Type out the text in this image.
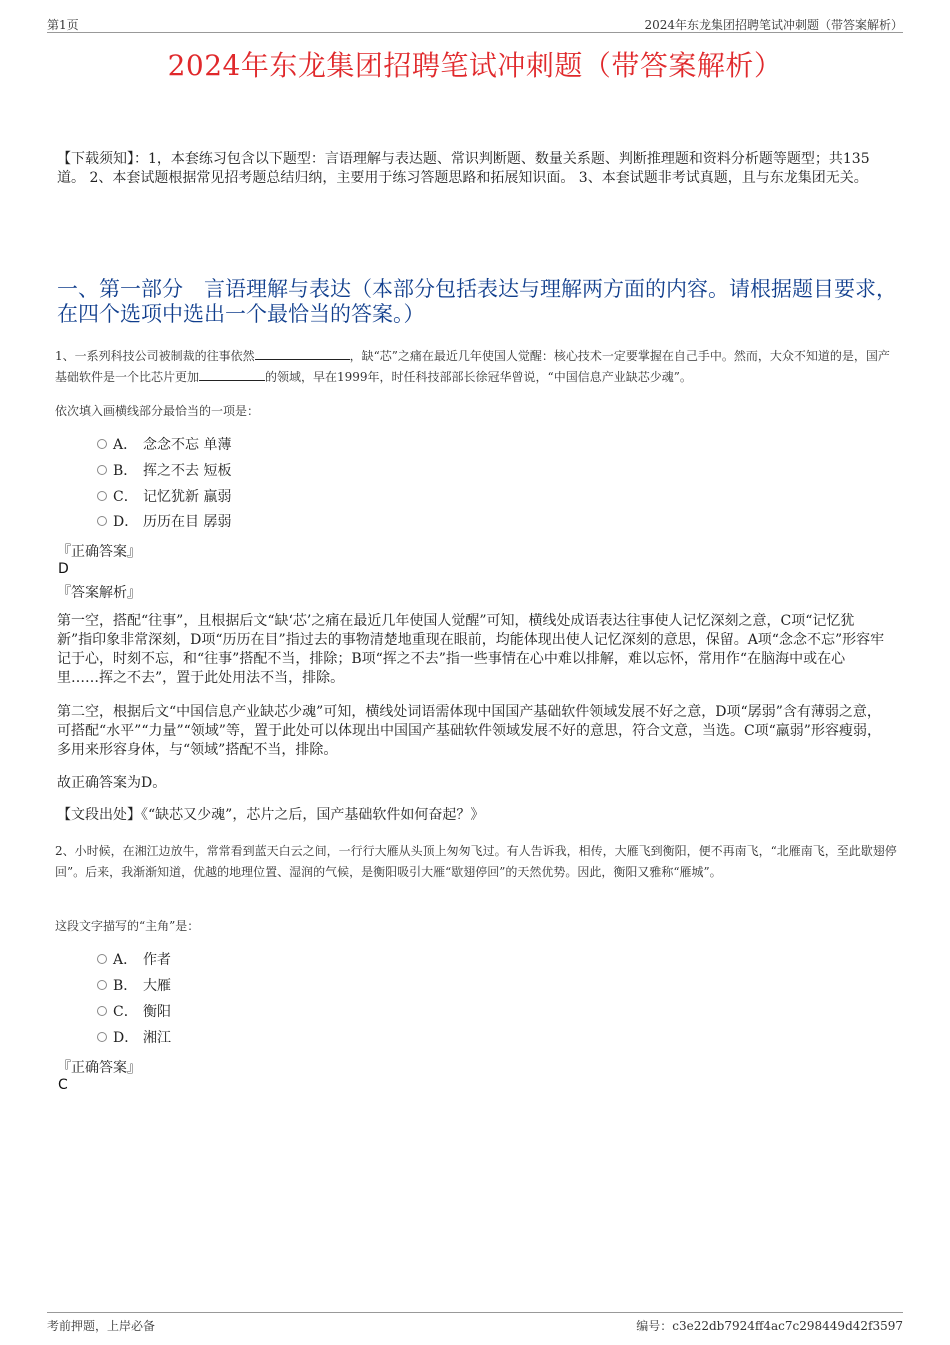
第1页	2024年东龙集团招聘笔试冲刺题（带答案解析）
2024年东龙集团招聘笔试冲刺题（带答案解析）
【下载须知】：1，本套练习包含以下题型：言语理解与表达题、常识判断题、数量关系题、判断推理题和资料分析题等题型；共135道。 2、本套试题根据常见招考题总结归纳，主要用于练习答题思路和拓展知识面。 3、本套试题非考试真题，且与东龙集团无关。
一、第一部分　言语理解与表达（本部分包括表达与理解两方面的内容。请根据题目要求，在四个选项中选出一个最恰当的答案。）
1、一系列科技公司被制裁的往事依然	，缺“芯”之痛在最近几年使国人觉醒：核心技术一定要掌握在自己手中。然而，大众不知道的是，国产基础软件是一个比芯片更加	的领域，早在1999年，时任科技部部长徐冠华曾说，“中国信息产业缺芯少魂”。
依次填入画横线部分最恰当的一项是：
A． 念念不忘 单薄
B． 挥之不去 短板
C． 记忆犹新 羸弱
D． 历历在目 孱弱
『正确答案』
D
『答案解析』
第一空，搭配“往事”，且根据后文“缺‘芯’之痛在最近几年使国人觉醒”可知，横线处成语表达往事使人记忆深刻之意，C项“记忆犹新”指印象非常深刻，D项“历历在目”指过去的事物清楚地重现在眼前，均能体现出使人记忆深刻的意思，保留。A项“念念不忘”形容牢记于心，时刻不忘，和“往事”搭配不当，排除；B项“挥之不去”指一些事情在心中难以排解，难以忘怀，常用作“在脑海中或在心里……挥之不去”，置于此处用法不当，排除。
第二空，根据后文“中国信息产业缺芯少魂”可知，横线处词语需体现中国国产基础软件领域发展不好之意，D项“孱弱”含有薄弱之意，可搭配“水平”“力量”“领域”等，置于此处可以体现出中国国产基础软件领域发展不好的意思，符合文意，当选。C项“羸弱”形容瘦弱，多用来形容身体，与“领域”搭配不当，排除。
故正确答案为D。
【文段出处】《“缺芯又少魂”，芯片之后，国产基础软件如何奋起？》
2、小时候，在湘江边放牛，常常看到蓝天白云之间，一行行大雁从头顶上匆匆飞过。有人告诉我，相传，大雁飞到衡阳，便不再南飞，“北雁南飞，至此歇翅停回”。后来，我渐渐知道，优越的地理位置、湿润的气候，是衡阳吸引大雁“歇翅停回”的天然优势。因此，衡阳又雅称“雁城”。
这段文字描写的“主角”是：
A． 作者
B． 大雁
C． 衡阳
D． 湘江
『正确答案』
C
考前押题，上岸必备	编号：c3e22db7924ff4ac7c298449d42f3597
